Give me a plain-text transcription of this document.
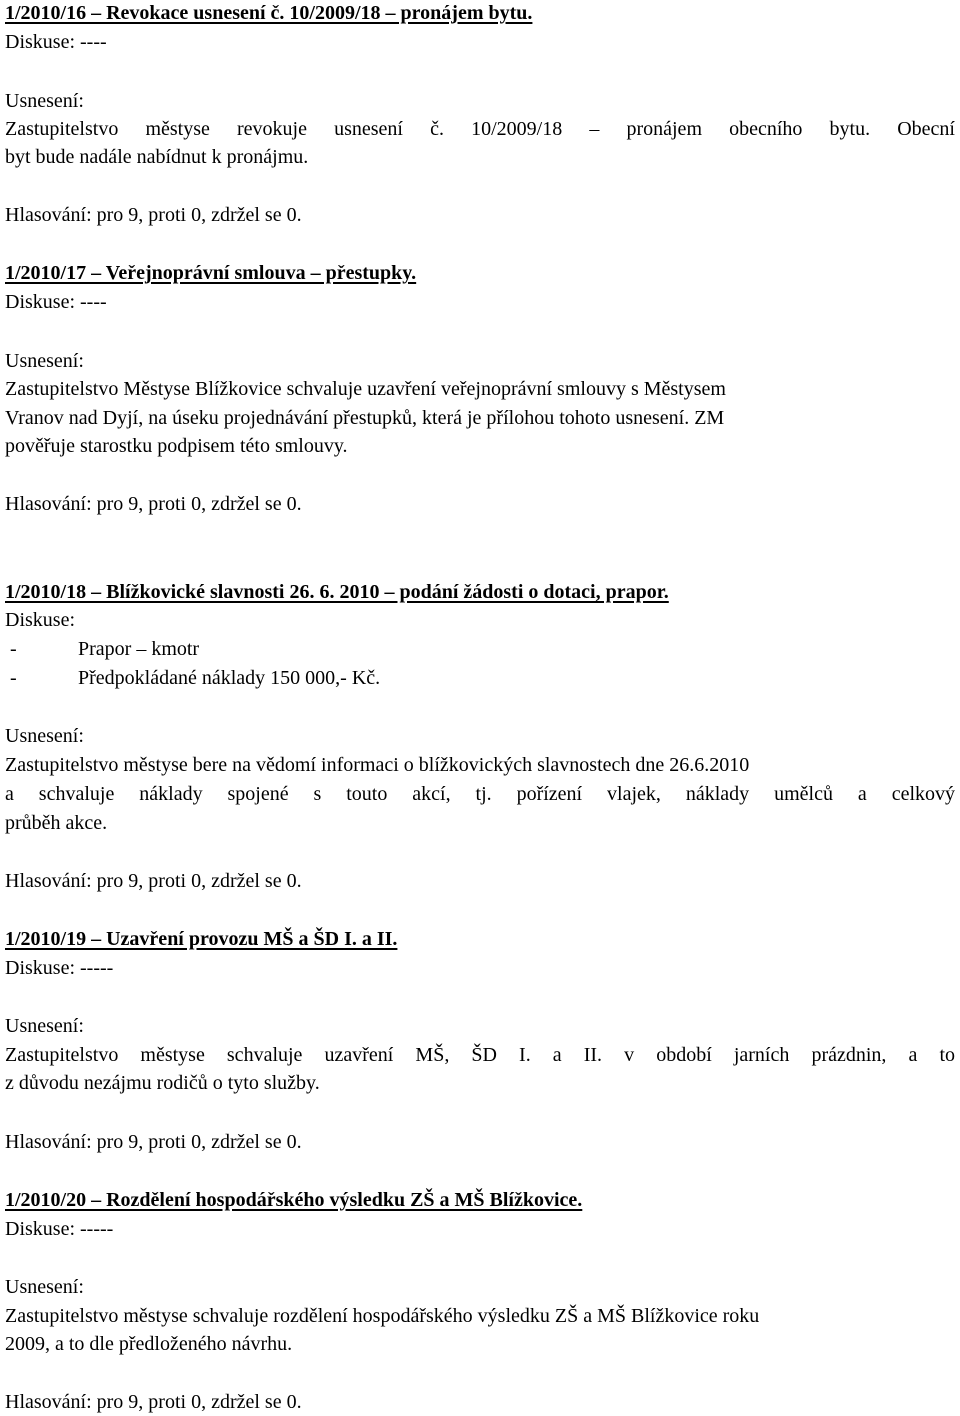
1/2010/16 – Revokace usnesení č. 10/2009/18 – pronájem bytu.
Diskuse: ----
Usnesení:
Zastupitelstvo městyse revokuje usnesení č. 10/2009/18 – pronájem obecního bytu. Obecní
byt bude nadále nabídnut k pronájmu.
Hlasování: pro 9, proti 0, zdržel se 0.
1/2010/17 – Veřejnoprávní smlouva – přestupky.
Diskuse: ----
Usnesení:
Zastupitelstvo Městyse Blížkovice schvaluje uzavření veřejnoprávní smlouvy s Městysem
Vranov nad Dyjí, na úseku projednávání přestupků, která je přílohou tohoto usnesení. ZM
pověřuje starostku podpisem této smlouvy.
Hlasování: pro 9, proti 0, zdržel se 0.
1/2010/18 – Blížkovické slavnosti 26. 6. 2010 – podání žádosti o dotaci, prapor.
Diskuse:
-	Prapor – kmotr
-	Předpokládané náklady 150 000,- Kč.
Usnesení:
Zastupitelstvo městyse bere na vědomí informaci o blížkovických slavnostech dne 26.6.2010
a schvaluje náklady spojené s touto akcí, tj. pořízení vlajek, náklady umělců a celkový
průběh akce.
Hlasování: pro 9, proti 0, zdržel se 0.
1/2010/19 – Uzavření provozu MŠ a ŠD I. a II.
Diskuse: -----
Usnesení:
Zastupitelstvo městyse schvaluje uzavření MŠ, ŠD I. a II. v období jarních prázdnin, a to
z důvodu nezájmu rodičů o tyto služby.
Hlasování: pro 9, proti 0, zdržel se 0.
1/2010/20 – Rozdělení hospodářského výsledku ZŠ a MŠ Blížkovice.
Diskuse: -----
Usnesení:
Zastupitelstvo městyse schvaluje rozdělení hospodářského výsledku ZŠ a MŠ Blížkovice roku
2009, a to dle předloženého návrhu.
Hlasování: pro 9, proti 0, zdržel se 0.
